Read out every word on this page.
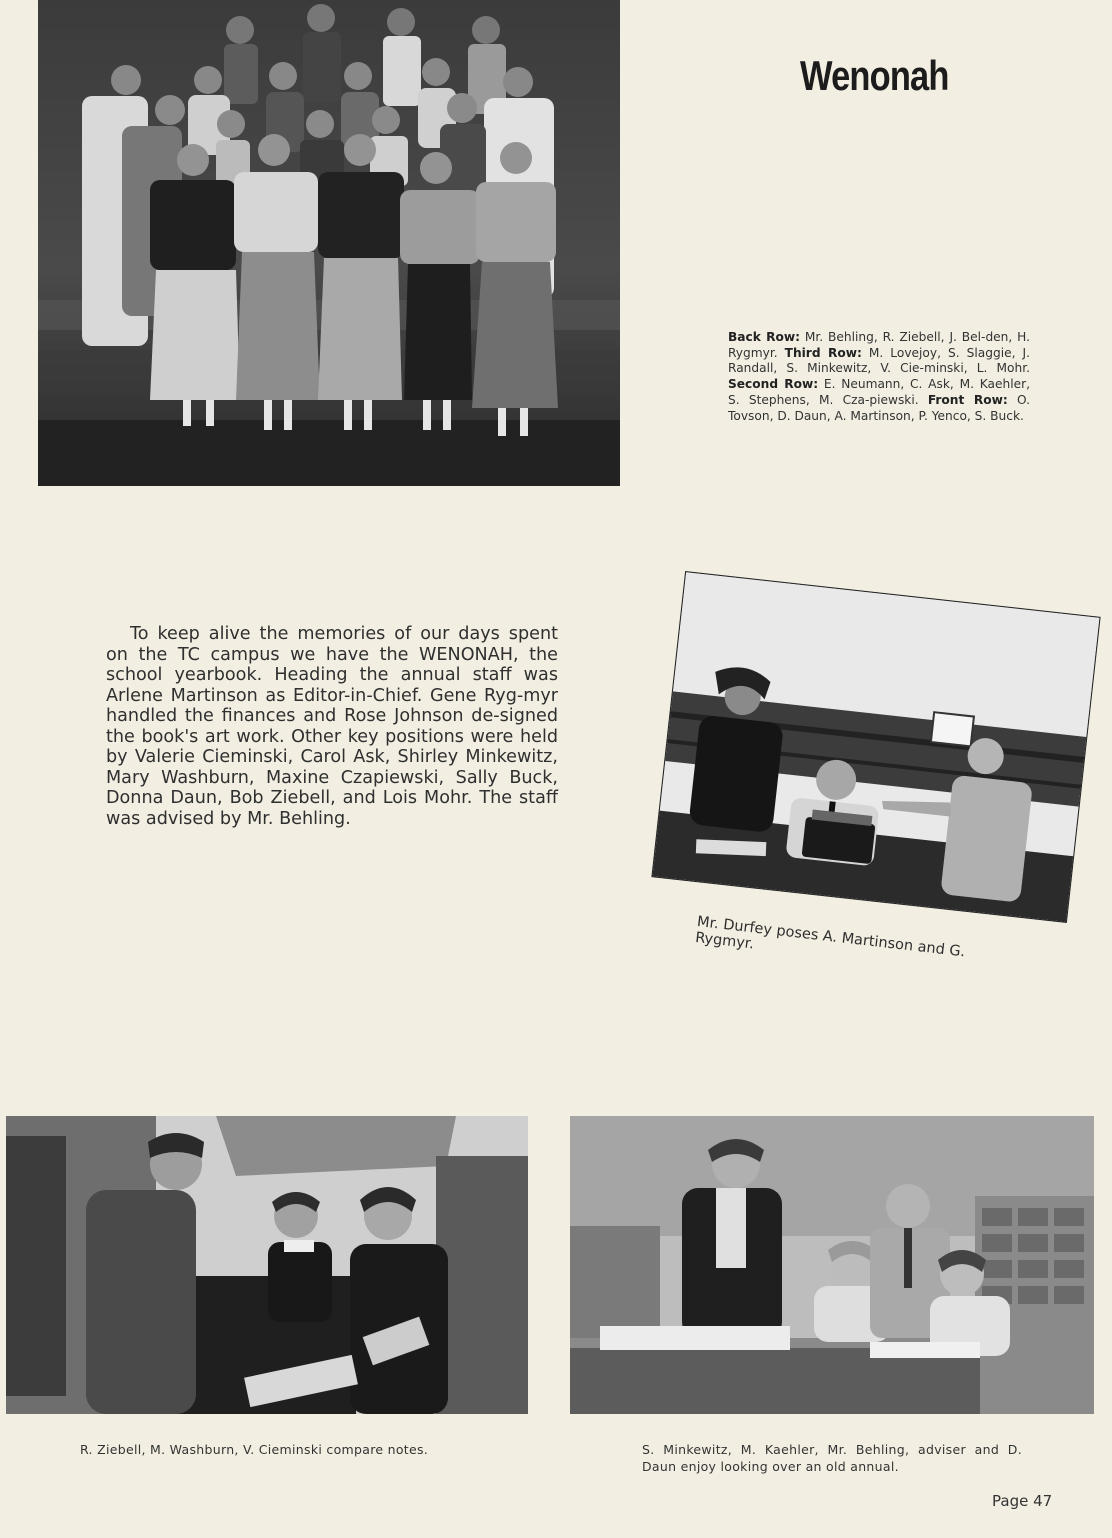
Wenonah
Back Row: Mr. Behling, R. Ziebell, J. Bel-den, H. Rygmyr. Third Row: M. Lovejoy, S. Slaggie, J. Randall, S. Minkewitz, V. Cie-minski, L. Mohr. Second Row: E. Neumann, C. Ask, M. Kaehler, S. Stephens, M. Cza-piewski. Front Row: O. Tovson, D. Daun, A. Martinson, P. Yenco, S. Buck.

To keep alive the memories of our days spent on the TC campus we have the WENONAH, the school yearbook. Heading the annual staff was Arlene Martinson as Editor-in-Chief. Gene Ryg-myr handled the finances and Rose Johnson de-signed the book's art work. Other key positions were held by Valerie Cieminski, Carol Ask, Shirley Minkewitz, Mary Washburn, Maxine Czapiewski, Sally Buck, Donna Daun, Bob Ziebell, and Lois Mohr. The staff was advised by Mr. Behling.

Mr. Durfey poses A. Martinson and G. Rygmyr.
R. Ziebell, M. Washburn, V. Cieminski compare notes.	S. Minkewitz, M. Kaehler, Mr. Behling, adviser and D. Daun enjoy looking over an old annual.
Page 47
